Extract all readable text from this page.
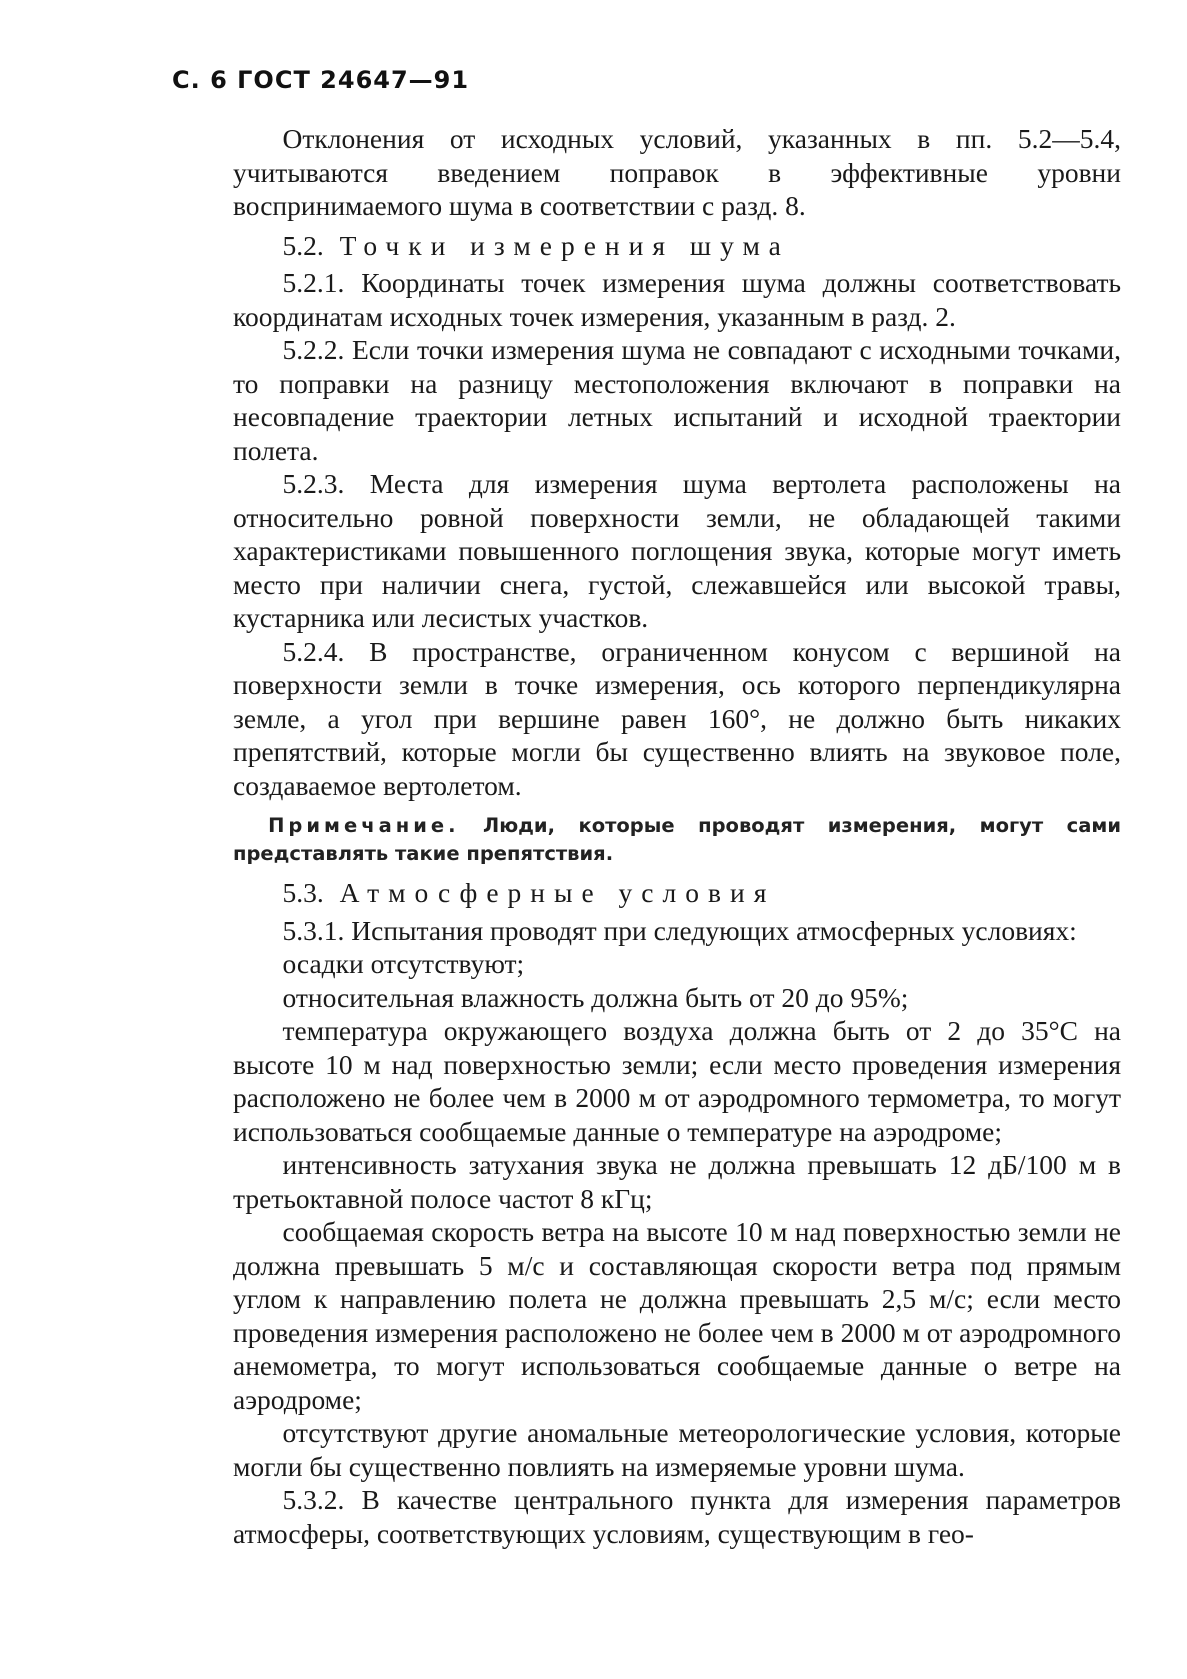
С. 6 ГОСТ 24647—91

Отклонения от исходных условий, указанных в пп. 5.2—5.4, учитываются введением поправок в эффективные уровни воспринимаемого шума в соответствии с разд. 8.

5.2. Точки измерения шума

5.2.1. Координаты точек измерения шума должны соответствовать координатам исходных точек измерения, указанным в разд. 2.

5.2.2. Если точки измерения шума не совпадают с исходными точками, то поправки на разницу местоположения включают в поправки на несовпадение траектории летных испытаний и исходной траектории полета.

5.2.3. Места для измерения шума вертолета расположены на относительно ровной поверхности земли, не обладающей такими характеристиками повышенного поглощения звука, которые могут иметь место при наличии снега, густой, слежавшейся или высокой травы, кустарника или лесистых участков.

5.2.4. В пространстве, ограниченном конусом с вершиной на поверхности земли в точке измерения, ось которого перпендикулярна земле, а угол при вершине равен 160°, не должно быть никаких препятствий, которые могли бы существенно влиять на звуковое поле, создаваемое вертолетом.

Примечание. Люди, которые проводят измерения, могут сами представлять такие препятствия.

5.3. Атмосферные условия

5.3.1. Испытания проводят при следующих атмосферных условиях:

осадки отсутствуют;

относительная влажность должна быть от 20 до 95%;

температура окружающего воздуха должна быть от 2 до 35°С на высоте 10 м над поверхностью земли; если место проведения измерения расположено не более чем в 2000 м от аэродромного термометра, то могут использоваться сообщаемые данные о температуре на аэродроме;

интенсивность затухания звука не должна превышать 12 дБ/100 м в третьоктавной полосе частот 8 кГц;

сообщаемая скорость ветра на высоте 10 м над поверхностью земли не должна превышать 5 м/с и составляющая скорости ветра под прямым углом к направлению полета не должна превышать 2,5 м/с; если место проведения измерения расположено не более чем в 2000 м от аэродромного анемометра, то могут использоваться сообщаемые данные о ветре на аэродроме;

отсутствуют другие аномальные метеорологические условия, которые могли бы существенно повлиять на измеряемые уровни шума.

5.3.2. В качестве центрального пункта для измерения параметров атмосферы, соответствующих условиям, существующим в гео-
